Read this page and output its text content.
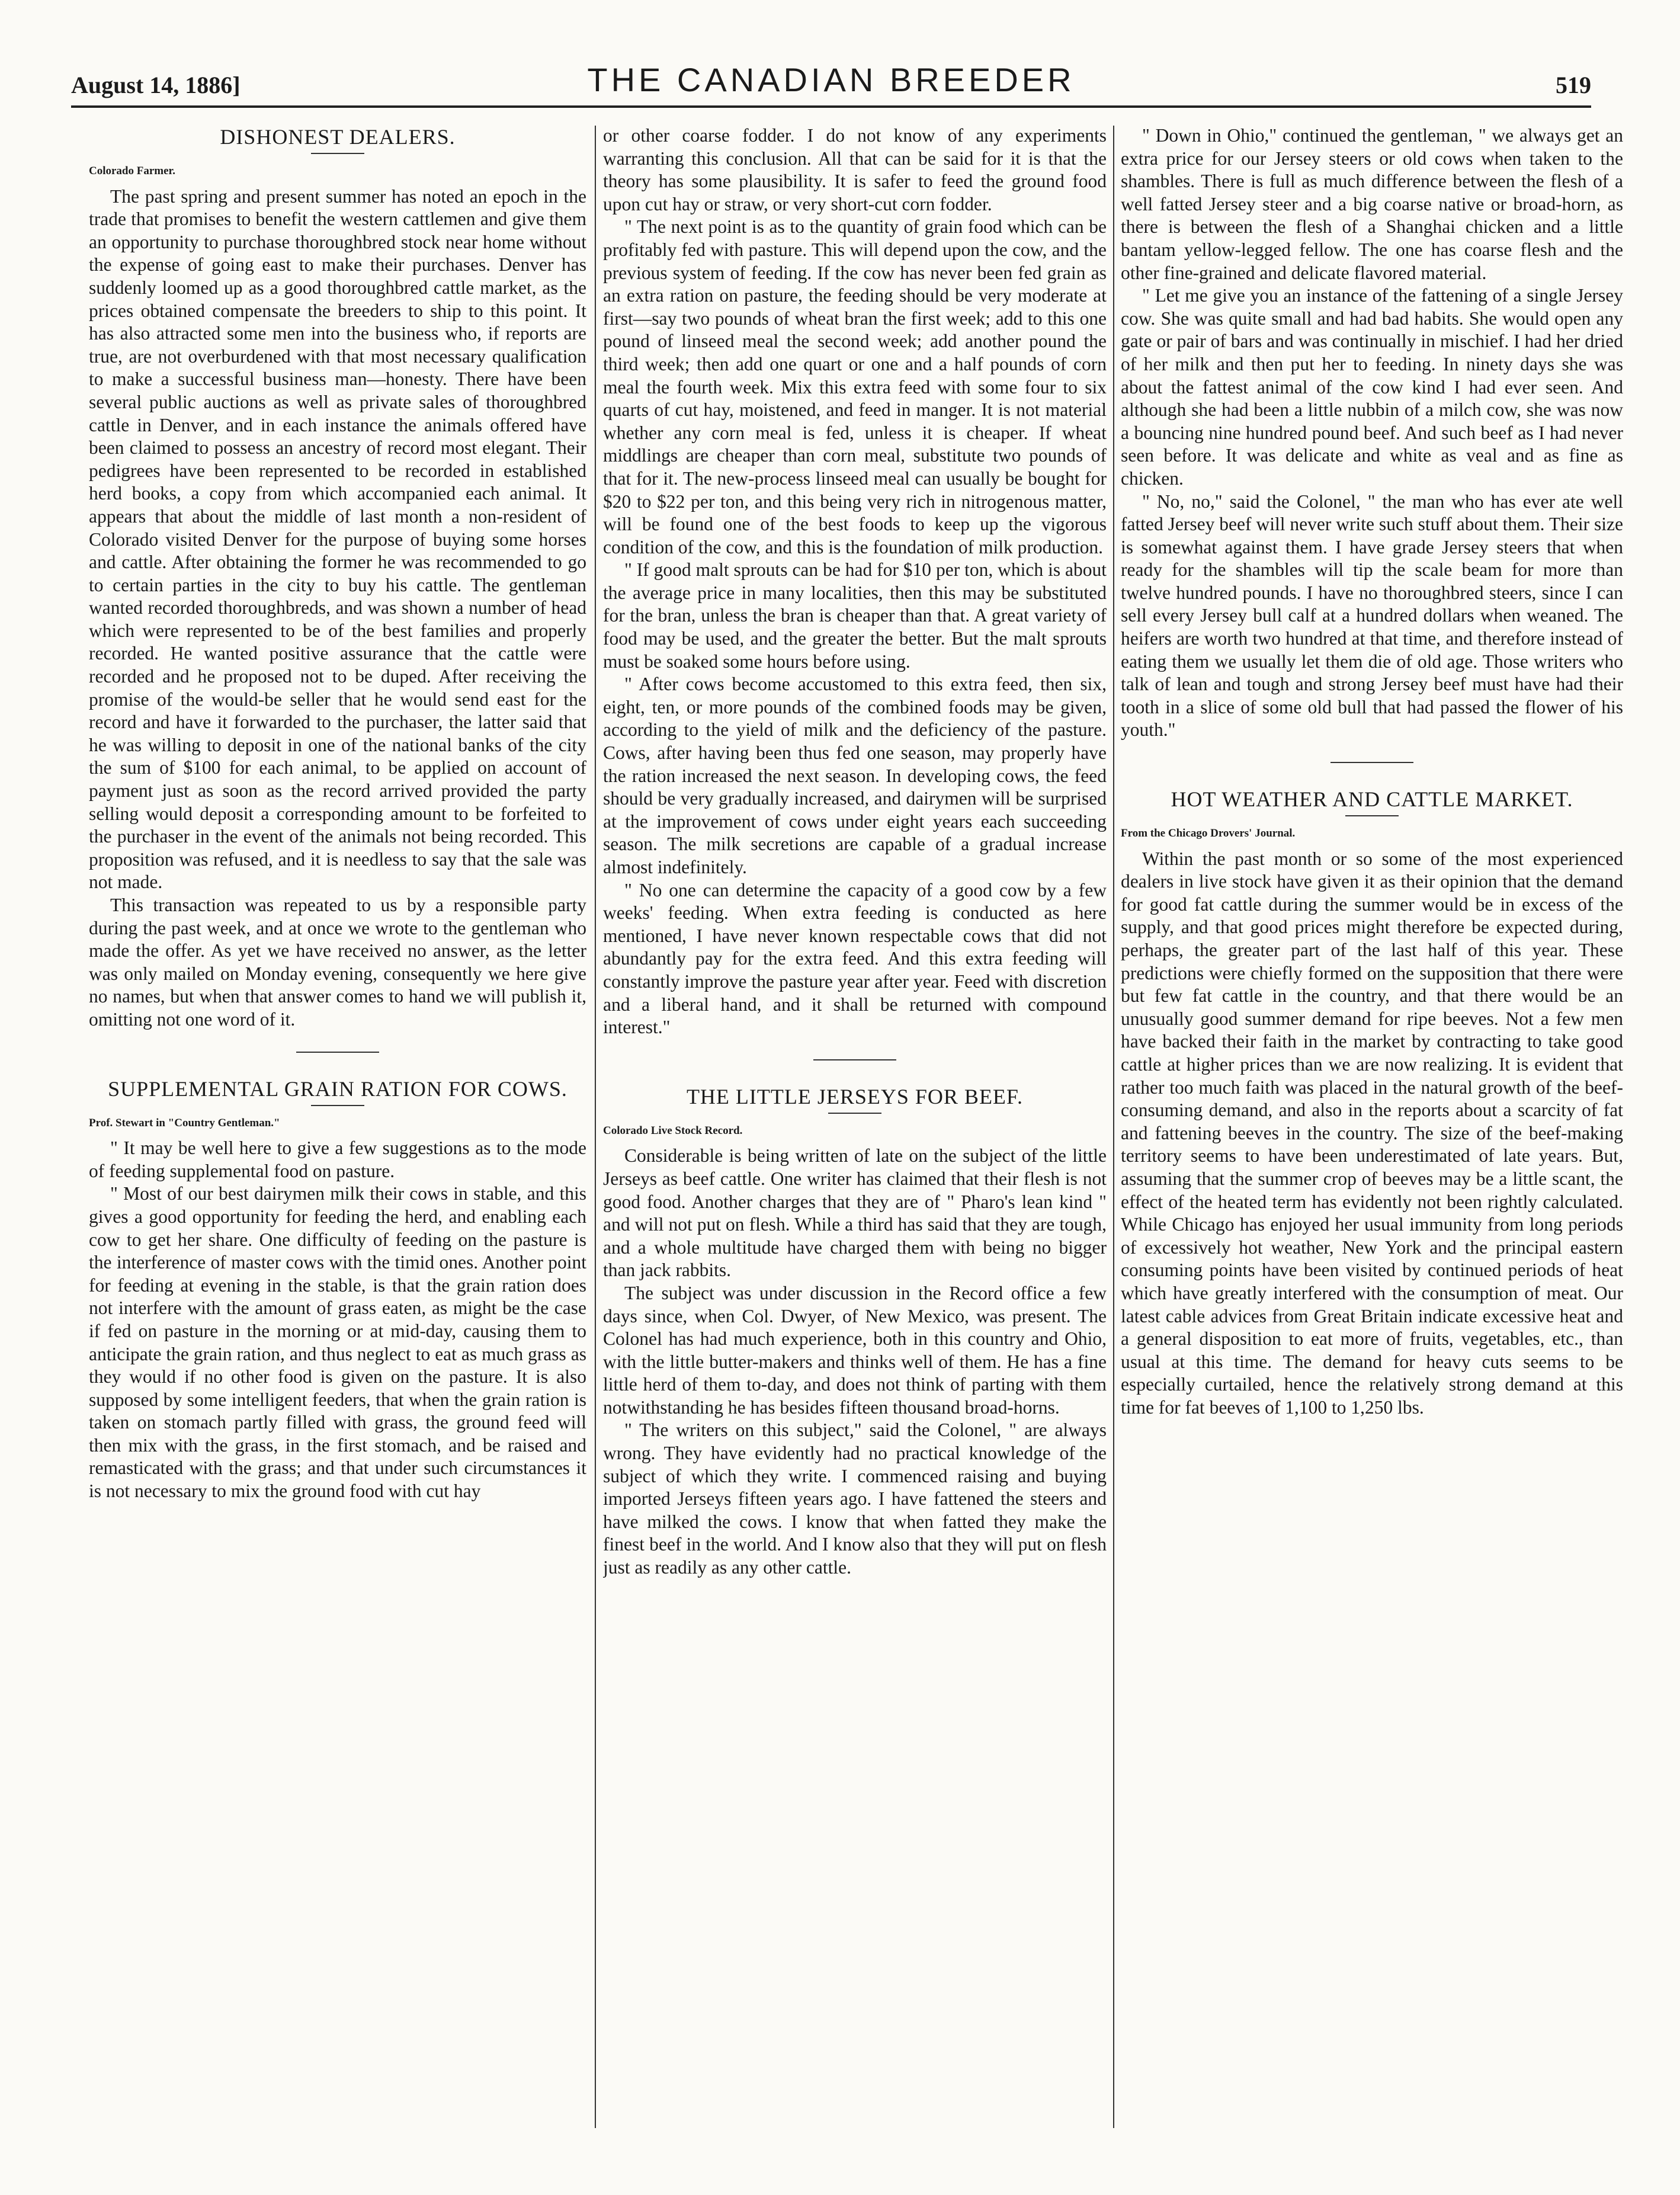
August 14, 1886]	THE CANADIAN BREEDER	519
DISHONEST DEALERS.
Colorado Farmer.

The past spring and present summer has noted an epoch in the trade that promises to benefit the western cattlemen and give them an opportunity to purchase thoroughbred stock near home without the expense of going east to make their purchases. Denver has suddenly loomed up as a good thoroughbred cattle market, as the prices obtained compensate the breeders to ship to this point. It has also attracted some men into the business who, if reports are true, are not overburdened with that most necessary qualification to make a successful business man—honesty. There have been several public auctions as well as private sales of thoroughbred cattle in Denver, and in each instance the animals offered have been claimed to possess an ancestry of record most elegant. Their pedigrees have been represented to be recorded in established herd books, a copy from which accompanied each animal. It appears that about the middle of last month a non-resident of Colorado visited Denver for the purpose of buying some horses and cattle. After obtaining the former he was recommended to go to certain parties in the city to buy his cattle. The gentleman wanted recorded thoroughbreds, and was shown a number of head which were represented to be of the best families and properly recorded. He wanted positive assurance that the cattle were recorded and he proposed not to be duped. After receiving the promise of the would-be seller that he would send east for the record and have it forwarded to the purchaser, the latter said that he was willing to deposit in one of the national banks of the city the sum of $100 for each animal, to be applied on account of payment just as soon as the record arrived provided the party selling would deposit a corresponding amount to be forfeited to the purchaser in the event of the animals not being recorded. This proposition was refused, and it is needless to say that the sale was not made.

This transaction was repeated to us by a responsible party during the past week, and at once we wrote to the gentleman who made the offer. As yet we have received no answer, as the letter was only mailed on Monday evening, consequently we here give no names, but when that answer comes to hand we will publish it, omitting not one word of it.

SUPPLEMENTAL GRAIN RATION FOR COWS.
Prof. Stewart in "Country Gentleman."

" It may be well here to give a few suggestions as to the mode of feeding supplemental food on pasture.

" Most of our best dairymen milk their cows in stable, and this gives a good opportunity for feeding the herd, and enabling each cow to get her share. One difficulty of feeding on the pasture is the interference of master cows with the timid ones. Another point for feeding at evening in the stable, is that the grain ration does not interfere with the amount of grass eaten, as might be the case if fed on pasture in the morning or at mid-day, causing them to anticipate the grain ration, and thus neglect to eat as much grass as they would if no other food is given on the pasture. It is also supposed by some intelligent feeders, that when the grain ration is taken on stomach partly filled with grass, the ground feed will then mix with the grass, in the first stomach, and be raised and remasticated with the grass; and that under such circumstances it is not necessary to mix the ground food with cut hay

or other coarse fodder. I do not know of any experiments warranting this conclusion. All that can be said for it is that the theory has some plausibility. It is safer to feed the ground food upon cut hay or straw, or very short-cut corn fodder.

" The next point is as to the quantity of grain food which can be profitably fed with pasture. This will depend upon the cow, and the previous system of feeding. If the cow has never been fed grain as an extra ration on pasture, the feeding should be very moderate at first—say two pounds of wheat bran the first week; add to this one pound of linseed meal the second week; add another pound the third week; then add one quart or one and a half pounds of corn meal the fourth week. Mix this extra feed with some four to six quarts of cut hay, moistened, and feed in manger. It is not material whether any corn meal is fed, unless it is cheaper. If wheat middlings are cheaper than corn meal, substitute two pounds of that for it. The new-process linseed meal can usually be bought for $20 to $22 per ton, and this being very rich in nitrogenous matter, will be found one of the best foods to keep up the vigorous condition of the cow, and this is the foundation of milk production.

" If good malt sprouts can be had for $10 per ton, which is about the average price in many localities, then this may be substituted for the bran, unless the bran is cheaper than that. A great variety of food may be used, and the greater the better. But the malt sprouts must be soaked some hours before using.

" After cows become accustomed to this extra feed, then six, eight, ten, or more pounds of the combined foods may be given, according to the yield of milk and the deficiency of the pasture. Cows, after having been thus fed one season, may properly have the ration increased the next season. In developing cows, the feed should be very gradually increased, and dairymen will be surprised at the improvement of cows under eight years each succeeding season. The milk secretions are capable of a gradual increase almost indefinitely.

" No one can determine the capacity of a good cow by a few weeks' feeding. When extra feeding is conducted as here mentioned, I have never known respectable cows that did not abundantly pay for the extra feed. And this extra feeding will constantly improve the pasture year after year. Feed with discretion and a liberal hand, and it shall be returned with compound interest."

THE LITTLE JERSEYS FOR BEEF.
Colorado Live Stock Record.

Considerable is being written of late on the subject of the little Jerseys as beef cattle. One writer has claimed that their flesh is not good food. Another charges that they are of " Pharo's lean kind " and will not put on flesh. While a third has said that they are tough, and a whole multitude have charged them with being no bigger than jack rabbits.

The subject was under discussion in the Record office a few days since, when Col. Dwyer, of New Mexico, was present. The Colonel has had much experience, both in this country and Ohio, with the little butter-makers and thinks well of them. He has a fine little herd of them to-day, and does not think of parting with them notwithstanding he has besides fifteen thousand broad-horns.

" The writers on this subject," said the Colonel, " are always wrong. They have evidently had no practical knowledge of the subject of which they write. I commenced raising and buying imported Jerseys fifteen years ago. I have fattened the steers and have milked the cows. I know that when fatted they make the finest beef in the world. And I know also that they will put on flesh just as readily as any other cattle.

" Down in Ohio," continued the gentleman, " we always get an extra price for our Jersey steers or old cows when taken to the shambles. There is full as much difference between the flesh of a well fatted Jersey steer and a big coarse native or broad-horn, as there is between the flesh of a Shanghai chicken and a little bantam yellow-legged fellow. The one has coarse flesh and the other fine-grained and delicate flavored material.

" Let me give you an instance of the fattening of a single Jersey cow. She was quite small and had bad habits. She would open any gate or pair of bars and was continually in mischief. I had her dried of her milk and then put her to feeding. In ninety days she was about the fattest animal of the cow kind I had ever seen. And although she had been a little nubbin of a milch cow, she was now a bouncing nine hundred pound beef. And such beef as I had never seen before. It was delicate and white as veal and as fine as chicken.

" No, no," said the Colonel, " the man who has ever ate well fatted Jersey beef will never write such stuff about them. Their size is somewhat against them. I have grade Jersey steers that when ready for the shambles will tip the scale beam for more than twelve hundred pounds. I have no thoroughbred steers, since I can sell every Jersey bull calf at a hundred dollars when weaned. The heifers are worth two hundred at that time, and therefore instead of eating them we usually let them die of old age. Those writers who talk of lean and tough and strong Jersey beef must have had their tooth in a slice of some old bull that had passed the flower of his youth."

HOT WEATHER AND CATTLE MARKET.
From the Chicago Drovers' Journal.

Within the past month or so some of the most experienced dealers in live stock have given it as their opinion that the demand for good fat cattle during the summer would be in excess of the supply, and that good prices might therefore be expected during, perhaps, the greater part of the last half of this year. These predictions were chiefly formed on the supposition that there were but few fat cattle in the country, and that there would be an unusually good summer demand for ripe beeves. Not a few men have backed their faith in the market by contracting to take good cattle at higher prices than we are now realizing. It is evident that rather too much faith was placed in the natural growth of the beef-consuming demand, and also in the reports about a scarcity of fat and fattening beeves in the country. The size of the beef-making territory seems to have been underestimated of late years. But, assuming that the summer crop of beeves may be a little scant, the effect of the heated term has evidently not been rightly calculated. While Chicago has enjoyed her usual immunity from long periods of excessively hot weather, New York and the principal eastern consuming points have been visited by continued periods of heat which have greatly interfered with the consumption of meat. Our latest cable advices from Great Britain indicate excessive heat and a general disposition to eat more of fruits, vegetables, etc., than usual at this time. The demand for heavy cuts seems to be especially curtailed, hence the relatively strong demand at this time for fat beeves of 1,100 to 1,250 lbs.
